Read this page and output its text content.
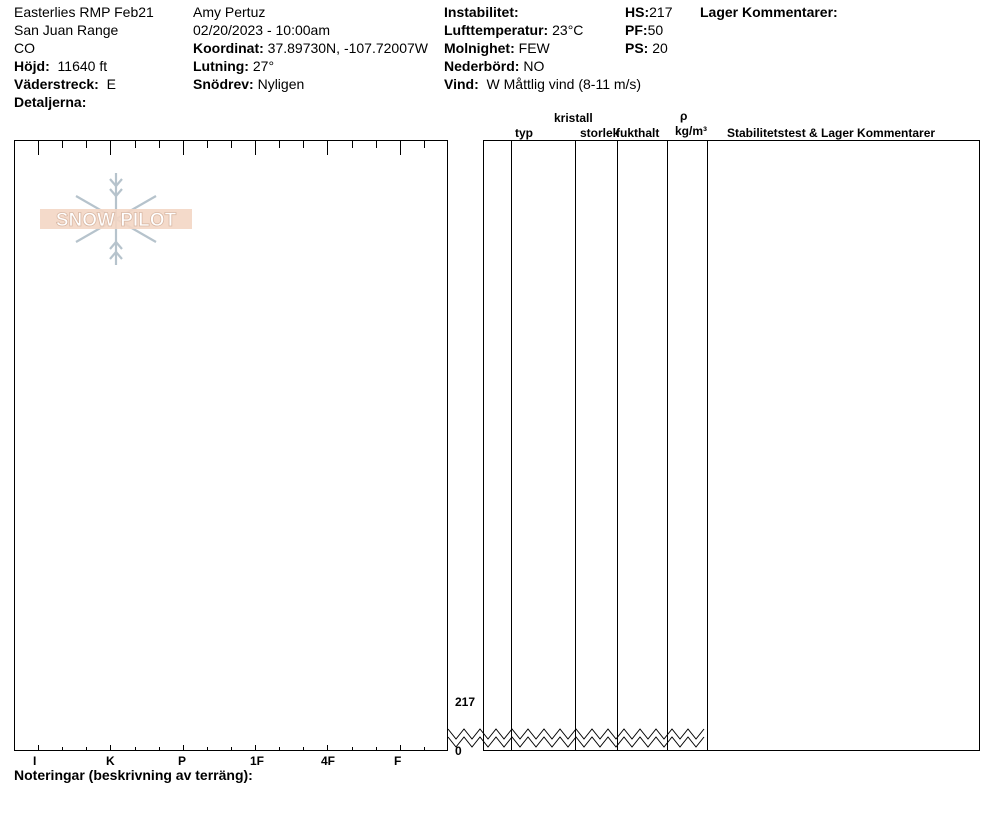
Easterlies RMP Feb21
San Juan Range
CO
Höjd: 11640 ft
Väderstreck: E
Detaljerna:
Amy Pertuz
02/20/2023 - 10:00am
Koordinat: 37.89730N, -107.72007W
Lutning: 27°
Snödrev: Nyligen
Instabilitet:
Lufttemperatur: 23°C
Molnighet: FEW
Nederbörd: NO
Vind: W Måttlig vind (8-11 m/s)
HS:217
PF:50
PS: 20
Lager Kommentarer:
typ
kristall
storlek
fukthalt
ρ
kg/m³ Stabilitetstest & Lager Kommentarer
217
0
I	K	P	1F	4F	F
Noteringar (beskrivning av terräng):
SNOW PILOT
